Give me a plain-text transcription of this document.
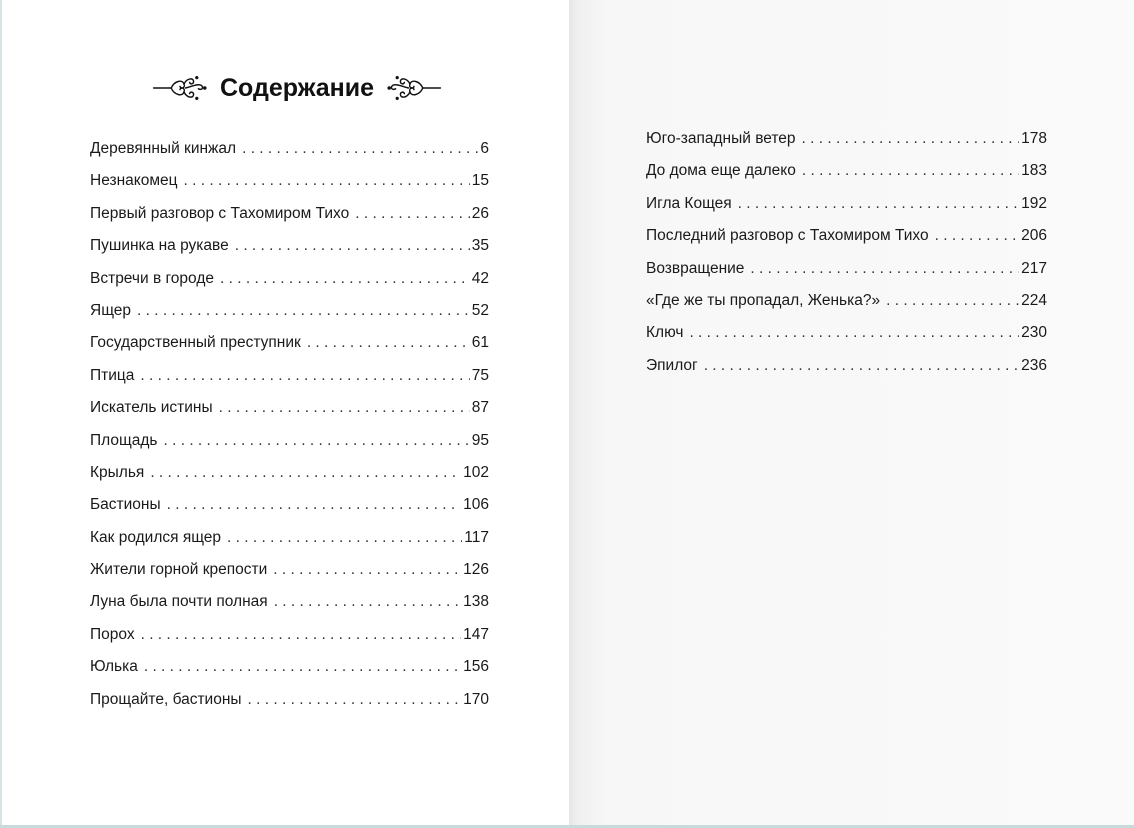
Содержание
Деревянный кинжал . . .	6
Незнакомец . . .	15
Первый разговор с Тахомиром Тихо . . .	26
Пушинка на рукаве . . .	35
Встречи в городе . . .	42
Ящер . . .	52
Государственный преступник . . .	61
Птица . . .	75
Искатель истины . . .	87
Площадь . . .	95
Крылья . . .	102
Бастионы . . .	106
Как родился ящер . . .	117
Жители горной крепости . . .	126
Луна была почти полная . . .	138
Порох . . .	147
Юлька . . .	156
Прощайте, бастионы . . .	170
Юго-западный ветер . . .	178
До дома еще далеко . . .	183
Игла Кощея . . .	192
Последний разговор с Тахомиром Тихо . . .	206
Возвращение . . .	217
«Где же ты пропадал, Женька?» . . .	224
Ключ . . .	230
Эпилог . . .	236
